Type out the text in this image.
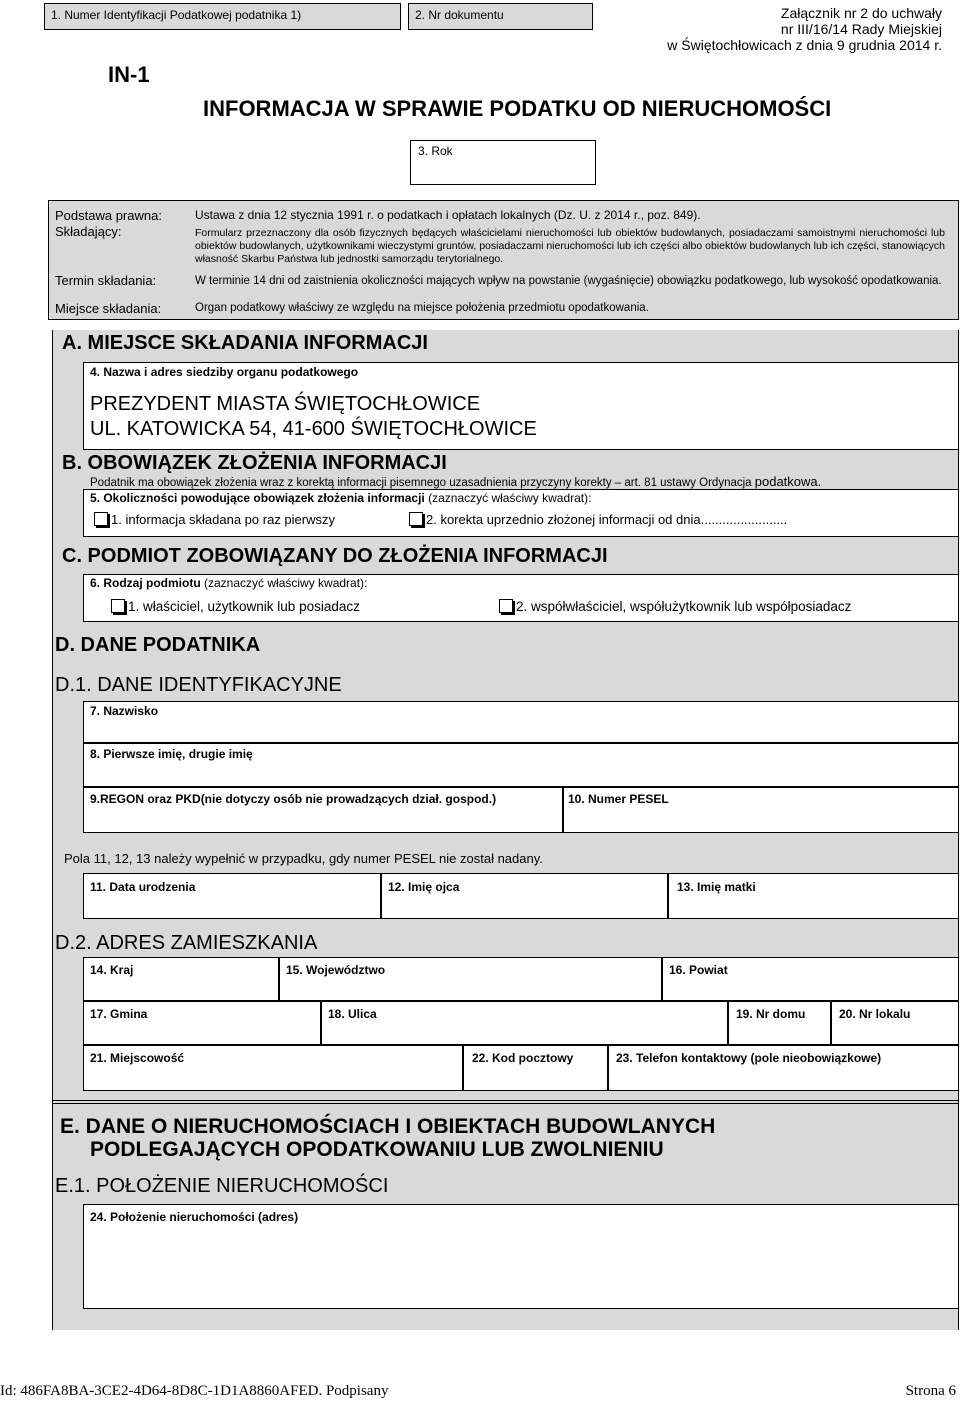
1. Numer Identyfikacji Podatkowej podatnika 1)	2. Nr dokumentu	Załącznik nr 2 do uchwały
nr III/16/14 Rady Miejskiej
w Świętochłowicach z dnia 9 grudnia 2014 r.
IN-1
INFORMACJA W SPRAWIE PODATKU OD NIERUCHOMOŚCI
3. Rok
Podstawa prawna:	Ustawa z dnia 12 stycznia 1991 r. o podatkach i opłatach lokalnych (Dz. U. z 2014 r., poz. 849).
Składający:	Formularz przeznaczony dla osób fizycznych będących właścicielami nieruchomości lub obiektów budowlanych, posiadaczami samoistnymi nieruchomości lub obiektów budowlanych, użytkownikami wieczystymi gruntów, posiadaczami nieruchomości lub ich części albo obiektów budowlanych lub ich części, stanowiących własność Skarbu Państwa lub jednostki samorządu terytorialnego.
Termin składania:	W terminie 14 dni od zaistnienia okoliczności mających wpływ na powstanie (wygaśnięcie) obowiązku podatkowego, lub wysokość opodatkowania.
Miejsce składania:	Organ podatkowy właściwy ze względu na miejsce położenia przedmiotu opodatkowania.
A. MIEJSCE SKŁADANIA INFORMACJI
4. Nazwa i adres siedziby organu podatkowego
PREZYDENT MIASTA ŚWIĘTOCHŁOWICE
UL. KATOWICKA 54, 41-600 ŚWIĘTOCHŁOWICE
B. OBOWIĄZEK ZŁOŻENIA INFORMACJI
Podatnik ma obowiązek złożenia wraz z korektą informacji pisemnego uzasadnienia przyczyny korekty – art. 81 ustawy Ordynacja podatkowa.
5. Okoliczności powodujące obowiązek złożenia informacji (zaznaczyć właściwy kwadrat):
1. informacja składana po raz pierwszy	2. korekta uprzednio złożonej informacji od dnia........................
C. PODMIOT ZOBOWIĄZANY DO ZŁOŻENIA INFORMACJI
6. Rodzaj podmiotu (zaznaczyć właściwy kwadrat):
1. właściciel, użytkownik lub posiadacz	2. współwłaściciel, współużytkownik lub współposiadacz
D. DANE PODATNIKA
D.1. DANE IDENTYFIKACYJNE
7. Nazwisko
8. Pierwsze imię, drugie imię
9.REGON oraz PKD(nie dotyczy osób nie prowadzących dział. gospod.)	10. Numer PESEL
Pola 11, 12, 13 należy wypełnić w przypadku, gdy numer PESEL nie został nadany.
11. Data urodzenia	12. Imię ojca	13. Imię matki
D.2. ADRES ZAMIESZKANIA
14. Kraj	15. Województwo	16. Powiat
17. Gmina	18. Ulica	19. Nr domu	20. Nr lokalu
21. Miejscowość	22. Kod pocztowy	23. Telefon kontaktowy (pole nieobowiązkowe)
E. DANE O NIERUCHOMOŚCIACH I OBIEKTACH BUDOWLANYCH
PODLEGAJĄCYCH OPODATKOWANIU LUB ZWOLNIENIU
E.1. POŁOŻENIE NIERUCHOMOŚCI
24. Położenie nieruchomości (adres)
Id: 486FA8BA-3CE2-4D64-8D8C-1D1A8860AFED. Podpisany	Strona 6
